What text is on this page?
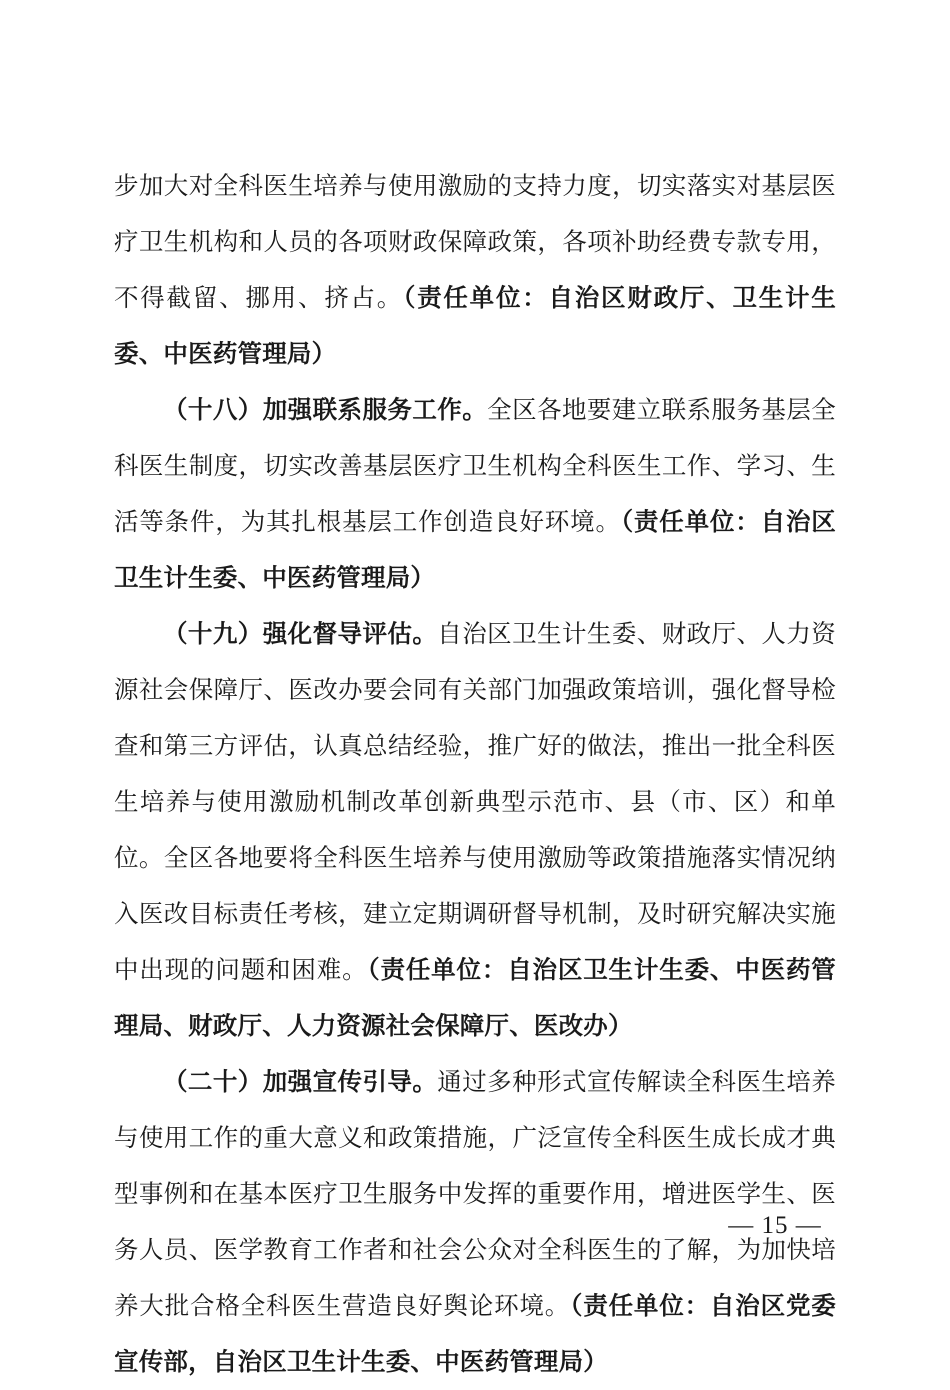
步加大对全科医生培养与使用激励的支持力度，切实落实对基层医疗卫生机构和人员的各项财政保障政策，各项补助经费专款专用，不得截留、挪用、挤占。（责任单位：自治区财政厅、卫生计生委、中医药管理局）

（十八）加强联系服务工作。全区各地要建立联系服务基层全科医生制度，切实改善基层医疗卫生机构全科医生工作、学习、生活等条件，为其扎根基层工作创造良好环境。（责任单位：自治区卫生计生委、中医药管理局）

（十九）强化督导评估。自治区卫生计生委、财政厅、人力资源社会保障厅、医改办要会同有关部门加强政策培训，强化督导检查和第三方评估，认真总结经验，推广好的做法，推出一批全科医生培养与使用激励机制改革创新典型示范市、县（市、区）和单位。全区各地要将全科医生培养与使用激励等政策措施落实情况纳入医改目标责任考核，建立定期调研督导机制，及时研究解决实施中出现的问题和困难。（责任单位：自治区卫生计生委、中医药管理局、财政厅、人力资源社会保障厅、医改办）

（二十）加强宣传引导。通过多种形式宣传解读全科医生培养与使用工作的重大意义和政策措施，广泛宣传全科医生成长成才典型事例和在基本医疗卫生服务中发挥的重要作用，增进医学生、医务人员、医学教育工作者和社会公众对全科医生的了解，为加快培养大批合格全科医生营造良好舆论环境。（责任单位：自治区党委宣传部，自治区卫生计生委、中医药管理局）

— 15 —
